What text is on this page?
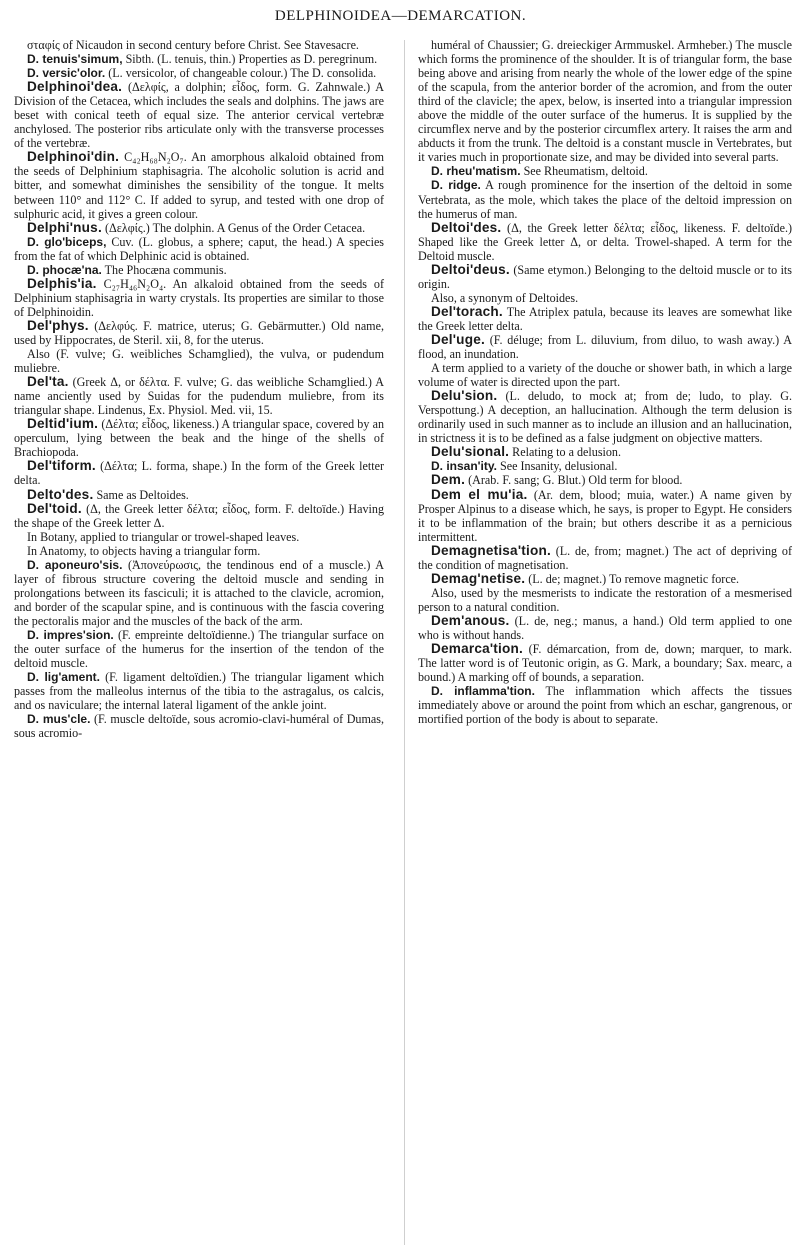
DELPHINOIDEA—DEMARCATION.

σταφίς of Nicaudon in second century before Christ. See Stavesacre.

D. tenuis'simum, Sibth. (L. tenuis, thin.) Properties as D. peregrinum.

D. versic'olor. (L. versicolor, of changeable colour.) The D. consolida.

Delphinoi'dea. (Δελφίς, a dolphin; εἶδος, form. G. Zahnwale.) A Division of the Cetacea, which includes the seals and dolphins. The jaws are beset with conical teeth of equal size. The anterior cervical vertebræ anchylosed. The posterior ribs articulate only with the transverse processes of the vertebræ.

Delphinoi'din. C₄₂H₆₈N₂O₇. An amorphous alkaloid obtained from the seeds of Delphinium staphisagria. The alcoholic solution is acrid and bitter, and somewhat diminishes the sensibility of the tongue. It melts between 110° and 112° C. If added to syrup, and tested with one drop of sulphuric acid, it gives a green colour.

Delphi'nus. (Δελφίς.) The dolphin. A Genus of the Order Cetacea.

D. glo'biceps, Cuv. (L. globus, a sphere; caput, the head.) A species from the fat of which Delphinic acid is obtained.

D. phocæ'na. The Phocæna communis.

Delphis'ia. C₂₇H₄₆N₂O₄. An alkaloid obtained from the seeds of Delphinium staphisagria in warty crystals. Its properties are similar to those of Delphinoidin.

Del'phys. (Δελφύς. F. matrice, uterus; G. Gebärmutter.) Old name, used by Hippocrates, de Steril. xii, 8, for the uterus.

Also (F. vulve; G. weibliches Schamglied), the vulva, or pudendum muliebre.

Del'ta. (Greek Δ, or δέλτα. F. vulve; G. das weibliche Schamglied.) A name anciently used by Suidas for the pudendum muliebre, from its triangular shape. Lindenus, Ex. Physiol. Med. vii, 15.

Deltid'ium. (Δέλτα; εἶδος, likeness.) A triangular space, covered by an operculum, lying between the beak and the hinge of the shells of Brachiopoda.

Del'tiform. (Δέλτα; L. forma, shape.) In the form of the Greek letter delta.

Delto'des. Same as Deltoides.

Del'toid. (Δ, the Greek letter δέλτα; εἶδος, form. F. deltoïde.) Having the shape of the Greek letter Δ.

In Botany, applied to triangular or trowel-shaped leaves.

In Anatomy, to objects having a triangular form.

D. aponeuro'sis. (Ἀπονεύρωσις, the tendinous end of a muscle.) A layer of fibrous structure covering the deltoid muscle and sending in prolongations between its fasciculi; it is attached to the clavicle, acromion, and border of the scapular spine, and is continuous with the fascia covering the pectoralis major and the muscles of the back of the arm.

D. impres'sion. (F. empreinte deltoïdienne.) The triangular surface on the outer surface of the humerus for the insertion of the tendon of the deltoid muscle.

D. lig'ament. (F. ligament deltoïdien.) The triangular ligament which passes from the malleolus internus of the tibia to the astragalus, os calcis, and os naviculare; the internal lateral ligament of the ankle joint.

D. mus'cle. (F. muscle deltoïde, sous acromio-clavi-huméral of Dumas, sous acromio-

huméral of Chaussier; G. dreieckiger Armmuskel. Armheber.) The muscle which forms the prominence of the shoulder. It is of triangular form, the base being above and arising from nearly the whole of the lower edge of the spine of the scapula, from the anterior border of the acromion, and from the outer third of the clavicle; the apex, below, is inserted into a triangular impression above the middle of the outer surface of the humerus. It is supplied by the circumflex nerve and by the posterior circumflex artery. It raises the arm and abducts it from the trunk. The deltoid is a constant muscle in Vertebrates, but it varies much in proportionate size, and may be divided into several parts.

D. rheu'matism. See Rheumatism, deltoid.

D. ridge. A rough prominence for the insertion of the deltoid in some Vertebrata, as the mole, which takes the place of the deltoid impression on the humerus of man.

Deltoi'des. (Δ, the Greek letter δέλτα; εἶδος, likeness. F. deltoïde.) Shaped like the Greek letter Δ, or delta. Trowel-shaped. A term for the Deltoid muscle.

Deltoi'deus. (Same etymon.) Belonging to the deltoid muscle or to its origin.

Also, a synonym of Deltoides.

Del'torach. The Atriplex patula, because its leaves are somewhat like the Greek letter delta.

Del'uge. (F. déluge; from L. diluvium, from diluo, to wash away.) A flood, an inundation.

A term applied to a variety of the douche or shower bath, in which a large volume of water is directed upon the part.

Delu'sion. (L. deludo, to mock at; from de; ludo, to play. G. Verspottung.) A deception, an hallucination. Although the term delusion is ordinarily used in such manner as to include an illusion and an hallucination, in strictness it is to be defined as a false judgment on objective matters.

Delu'sional. Relating to a delusion.

D. insan'ity. See Insanity, delusional.

Dem. (Arab. F. sang; G. Blut.) Old term for blood.

Dem el mu'ia. (Ar. dem, blood; muia, water.) A name given by Prosper Alpinus to a disease which, he says, is proper to Egypt. He considers it to be inflammation of the brain; but others describe it as a pernicious intermittent.

Demagnetisa'tion. (L. de, from; magnet.) The act of depriving of the condition of magnetisation.

Demag'netise. (L. de; magnet.) To remove magnetic force.

Also, used by the mesmerists to indicate the restoration of a mesmerised person to a natural condition.

Dem'anous. (L. de, neg.; manus, a hand.) Old term applied to one who is without hands.

Demarca'tion. (F. démarcation, from de, down; marquer, to mark. The latter word is of Teutonic origin, as G. Mark, a boundary; Sax. mearc, a bound.) A marking off of bounds, a separation.

D. inflamma'tion. The inflammation which affects the tissues immediately above or around the point from which an eschar, gangrenous, or mortified portion of the body is about to separate.
